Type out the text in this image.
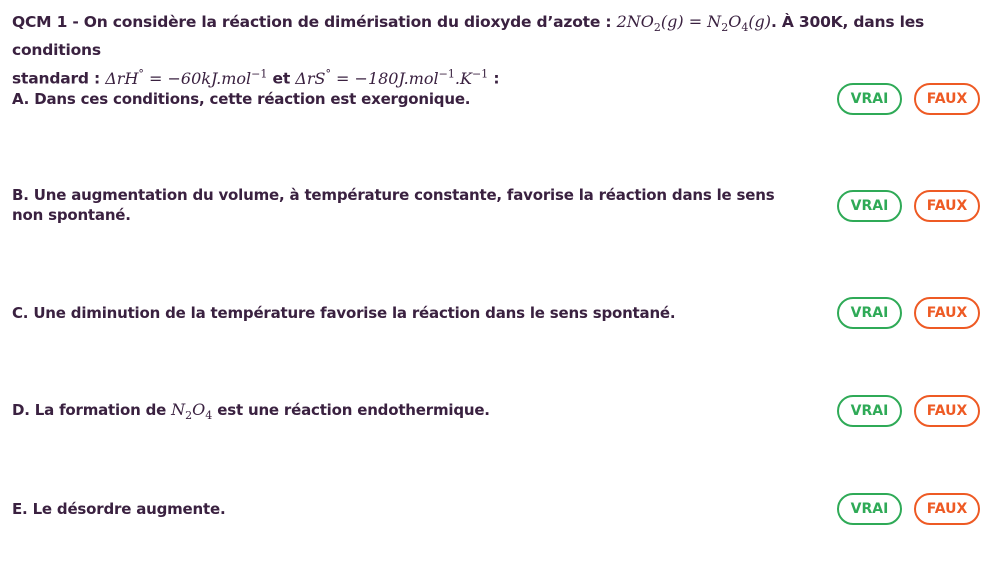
QCM 1 - On considère la réaction de dimérisation du dioxyde d’azote : $2NO_2(g) = N_2O_4(g)$. À 300K, dans les conditions
standard : ΔrH° = −60kJ.mol$^{-1}$ et $\Delta rS^\circ = -180J.mol^{-1}.K^{-1}$ :
A. Dans ces conditions, cette réaction est exergonique.	VRAI	FAUX
B. Une augmentation du volume, à température constante, favorise la réaction dans le sens non spontané.	VRAI	FAUX
C. Une diminution de la température favorise la réaction dans le sens spontané.	VRAI	FAUX
D. La formation de $N_2O_4$ est une réaction endothermique.	VRAI	FAUX
E. Le désordre augmente.	VRAI	FAUX
